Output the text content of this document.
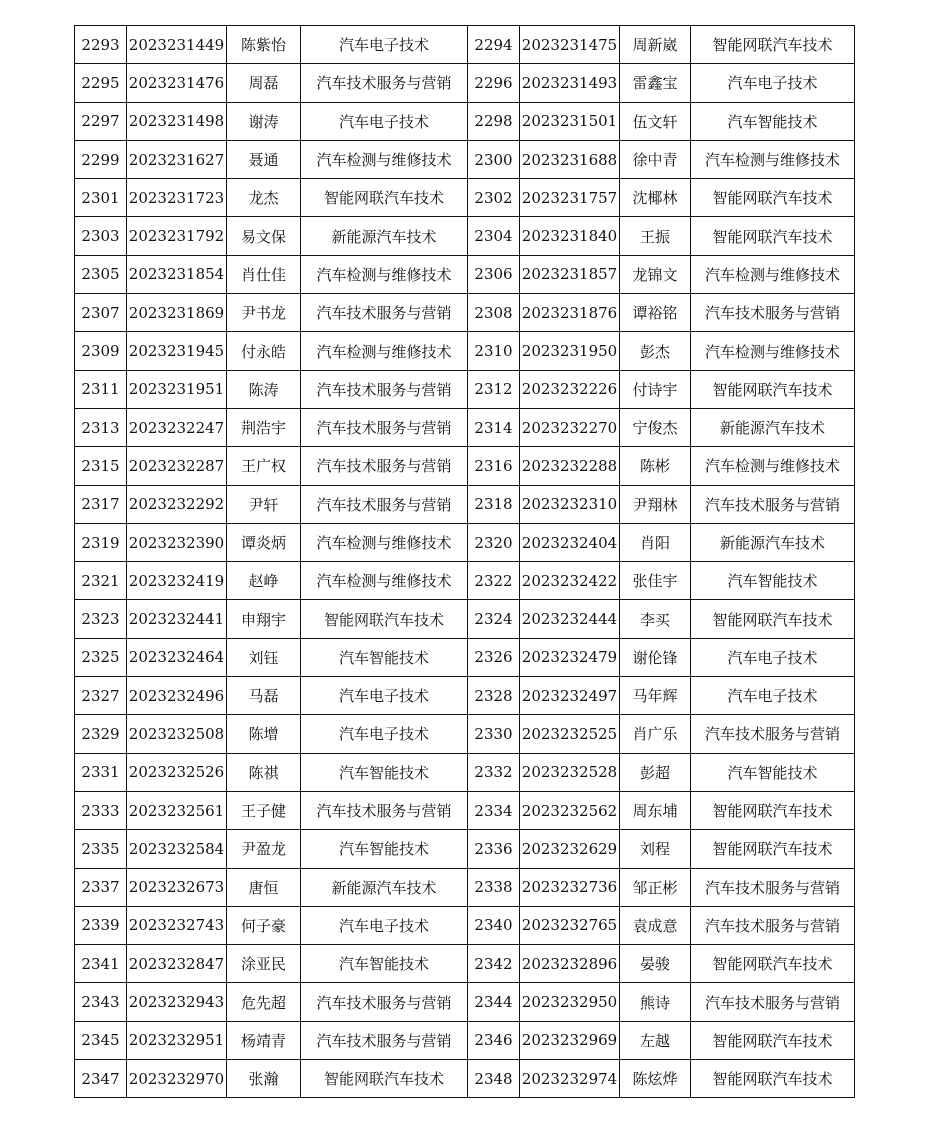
2293	2023231449	陈紫怡	汽车电子技术	2294	2023231475	周新崴	智能网联汽车技术
2295	2023231476	周磊	汽车技术服务与营销	2296	2023231493	雷鑫宝	汽车电子技术
2297	2023231498	谢涛	汽车电子技术	2298	2023231501	伍文轩	汽车智能技术
2299	2023231627	聂通	汽车检测与维修技术	2300	2023231688	徐中青	汽车检测与维修技术
2301	2023231723	龙杰	智能网联汽车技术	2302	2023231757	沈椰林	智能网联汽车技术
2303	2023231792	易文保	新能源汽车技术	2304	2023231840	王振	智能网联汽车技术
2305	2023231854	肖仕佳	汽车检测与维修技术	2306	2023231857	龙锦文	汽车检测与维修技术
2307	2023231869	尹书龙	汽车技术服务与营销	2308	2023231876	谭裕铭	汽车技术服务与营销
2309	2023231945	付永皓	汽车检测与维修技术	2310	2023231950	彭杰	汽车检测与维修技术
2311	2023231951	陈涛	汽车技术服务与营销	2312	2023232226	付诗宇	智能网联汽车技术
2313	2023232247	荆浩宇	汽车技术服务与营销	2314	2023232270	宁俊杰	新能源汽车技术
2315	2023232287	王广权	汽车技术服务与营销	2316	2023232288	陈彬	汽车检测与维修技术
2317	2023232292	尹轩	汽车技术服务与营销	2318	2023232310	尹翔林	汽车技术服务与营销
2319	2023232390	谭炎炳	汽车检测与维修技术	2320	2023232404	肖阳	新能源汽车技术
2321	2023232419	赵峥	汽车检测与维修技术	2322	2023232422	张佳宇	汽车智能技术
2323	2023232441	申翔宇	智能网联汽车技术	2324	2023232444	李买	智能网联汽车技术
2325	2023232464	刘钰	汽车智能技术	2326	2023232479	谢伦锋	汽车电子技术
2327	2023232496	马磊	汽车电子技术	2328	2023232497	马年辉	汽车电子技术
2329	2023232508	陈增	汽车电子技术	2330	2023232525	肖广乐	汽车技术服务与营销
2331	2023232526	陈祺	汽车智能技术	2332	2023232528	彭超	汽车智能技术
2333	2023232561	王子健	汽车技术服务与营销	2334	2023232562	周东埔	智能网联汽车技术
2335	2023232584	尹盈龙	汽车智能技术	2336	2023232629	刘程	智能网联汽车技术
2337	2023232673	唐恒	新能源汽车技术	2338	2023232736	邹正彬	汽车技术服务与营销
2339	2023232743	何子豪	汽车电子技术	2340	2023232765	袁成意	汽车技术服务与营销
2341	2023232847	涂亚民	汽车智能技术	2342	2023232896	晏骏	智能网联汽车技术
2343	2023232943	危先超	汽车技术服务与营销	2344	2023232950	熊诗	汽车技术服务与营销
2345	2023232951	杨靖青	汽车技术服务与营销	2346	2023232969	左越	智能网联汽车技术
2347	2023232970	张瀚	智能网联汽车技术	2348	2023232974	陈炫烨	智能网联汽车技术
